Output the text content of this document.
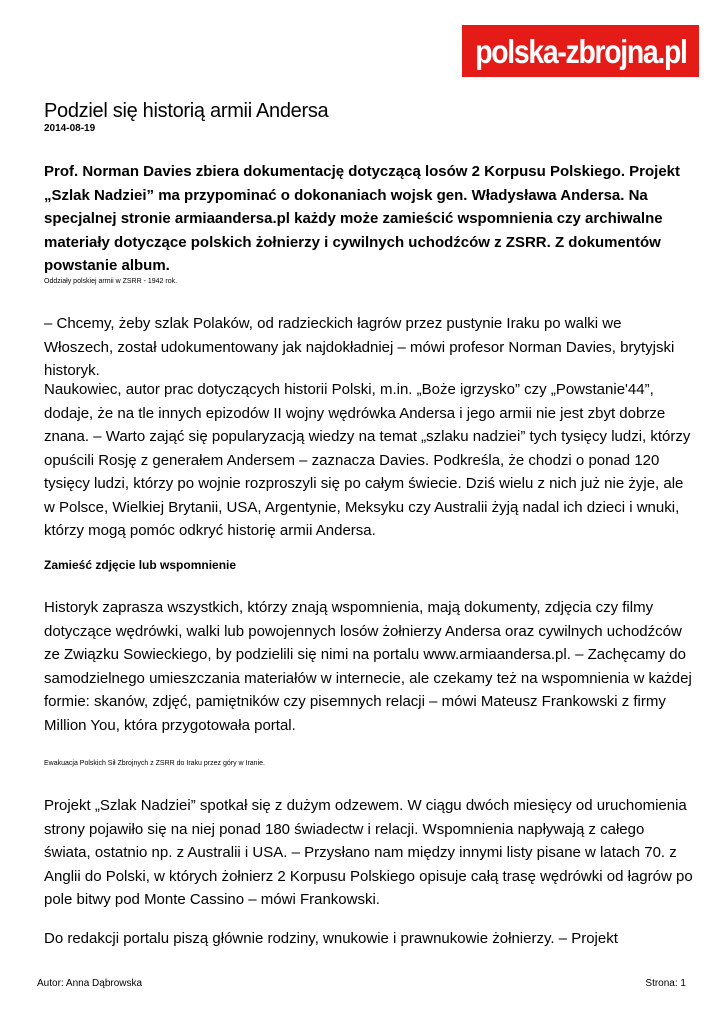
polska-zbrojna.pl
Podziel się historią armii Andersa
2014-08-19

Prof. Norman Davies zbiera dokumentację dotyczącą losów 2 Korpusu Polskiego. Projekt „Szlak Nadziei” ma przypominać o dokonaniach wojsk gen. Władysława Andersa. Na specjalnej stronie armiaandersa.pl każdy może zamieścić wspomnienia czy archiwalne materiały dotyczące polskich żołnierzy i cywilnych uchodźców z ZSRR. Z dokumentów powstanie album.

Oddziały polskiej armii w ZSRR - 1942 rok.

– Chcemy, żeby szlak Polaków, od radzieckich łagrów przez pustynie Iraku po walki we Włoszech, został udokumentowany jak najdokładniej – mówi profesor Norman Davies, brytyjski historyk.

Naukowiec, autor prac dotyczących historii Polski, m.in. „Boże igrzysko” czy „Powstanie'44”, dodaje, że na tle innych epizodów II wojny wędrówka Andersa i jego armii nie jest zbyt dobrze znana. – Warto zająć się popularyzacją wiedzy na temat „szlaku nadziei” tych tysięcy ludzi, którzy opuścili Rosję z generałem Andersem – zaznacza Davies. Podkreśla, że chodzi o ponad 120 tysięcy ludzi, którzy po wojnie rozproszyli się po całym świecie. Dziś wielu z nich już nie żyje, ale w Polsce, Wielkiej Brytanii, USA, Argentynie, Meksyku czy Australii żyją nadal ich dzieci i wnuki, którzy mogą pomóc odkryć historię armii Andersa.

Zamieść zdjęcie lub wspomnienie

Historyk zaprasza wszystkich, którzy znają wspomnienia, mają dokumenty, zdjęcia czy filmy dotyczące wędrówki, walki lub powojennych losów żołnierzy Andersa oraz cywilnych uchodźców ze Związku Sowieckiego, by podzielili się nimi na portalu www.armiaandersa.pl. – Zachęcamy do samodzielnego umieszczania materiałów w internecie, ale czekamy też na wspomnienia w każdej formie: skanów, zdjęć, pamiętników czy pisemnych relacji – mówi Mateusz Frankowski z firmy Million You, która przygotowała portal.

Ewakuacja Polskich Sił Zbrojnych z ZSRR do Iraku przez góry w Iranie.

Projekt „Szlak Nadziei” spotkał się z dużym odzewem. W ciągu dwóch miesięcy od uruchomienia strony pojawiło się na niej ponad 180 świadectw i relacji. Wspomnienia napływają z całego świata, ostatnio np. z Australii i USA. – Przysłano nam między innymi listy pisane w latach 70. z Anglii do Polski, w których żołnierz 2 Korpusu Polskiego opisuje całą trasę wędrówki od łagrów po pole bitwy pod Monte Cassino – mówi Frankowski.

Do redakcji portalu piszą głównie rodziny, wnukowie i prawnukowie żołnierzy. – Projekt

Autor: Anna Dąbrowska	Strona: 1
